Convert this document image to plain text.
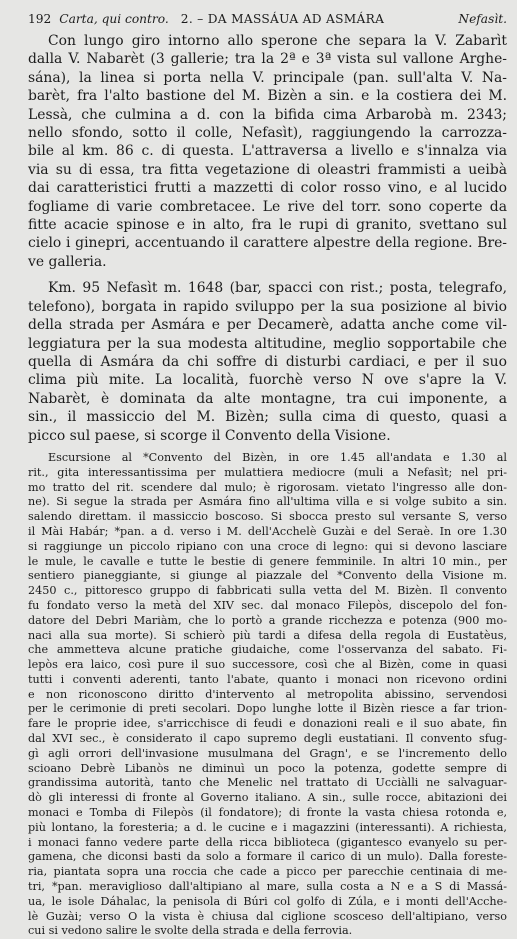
192 Carta, qui contro. 2. – DA MASSÁUA AD ASMÁRA	Nefasìt.
Con lungo giro intorno allo sperone che separa la V. Zabarìt
dalla V. Nabarèt (3 gallerie; tra la 2ª e 3ª vista sul vallone Arghe-
sána), la linea si porta nella V. principale (pan. sull'alta V. Na-
barèt, fra l'alto bastione del M. Bizèn a sin. e la costiera dei M.
Lessà, che culmina a d. con la bifida cima Arbarobà m. 2343;
nello sfondo, sotto il colle, Nefasìt), raggiungendo la carrozza-
bile al km. 86 c. di questa. L'attraversa a livello e s'innalza via
via su di essa, tra fitta vegetazione di oleastri frammisti a ueibà
dai caratteristici frutti a mazzetti di color rosso vino, e al lucido
fogliame di varie combretacee. Le rive del torr. sono coperte da
fitte acacie spinose e in alto, fra le rupi di granito, svettano sul
cielo i ginepri, accentuando il carattere alpestre della regione. Bre-
ve galleria.
Km. 95 Nefasìt m. 1648 (bar, spacci con rist.; posta, telegrafo,
telefono), borgata in rapido sviluppo per la sua posizione al bivio
della strada per Asmára e per Decamerè, adatta anche come vil-
leggiatura per la sua modesta altitudine, meglio sopportabile che
quella di Asmára da chi soffre di disturbi cardiaci, e per il suo
clima più mite. La località, fuorchè verso N ove s'apre la V.
Nabarèt, è dominata da alte montagne, tra cui imponente, a
sin., il massiccio del M. Bizèn; sulla cima di questo, quasi a
picco sul paese, si scorge il Convento della Visione.
Escursione al *Convento del Bizèn, in ore 1.45 all'andata e 1.30 al
rit., gita interessantissima per mulattiera mediocre (muli a Nefasìt; nel pri-
mo tratto del rit. scendere dal mulo; è rigorosam. vietato l'ingresso alle don-
ne). Si segue la strada per Asmára fino all'ultima villa e si volge subito a sin.
salendo direttam. il massiccio boscoso. Si sbocca presto sul versante S, verso
il Mài Habár; *pan. a d. verso i M. dell'Acchelè Guzài e del Seraè. In ore 1.30
si raggiunge un piccolo ripiano con una croce di legno: qui si devono lasciare
le mule, le cavalle e tutte le bestie di genere femminile. In altri 10 min., per
sentiero pianeggiante, si giunge al piazzale del *Convento della Visione m.
2450 c., pittoresco gruppo di fabbricati sulla vetta del M. Bizèn. Il convento
fu fondato verso la metà del XIV sec. dal monaco Filepòs, discepolo del fon-
datore del Debri Mariàm, che lo portò a grande ricchezza e potenza (900 mo-
naci alla sua morte). Si schierò più tardi a difesa della regola di Eustatèus,
che ammetteva alcune pratiche giudaiche, come l'osservanza del sabato. Fi-
lepòs era laico, così pure il suo successore, così che al Bizèn, come in quasi
tutti i conventi aderenti, tanto l'abate, quanto i monaci non ricevono ordini
e non riconoscono diritto d'intervento al metropolita abissino, servendosi
per le cerimonie di preti secolari. Dopo lunghe lotte il Bizèn riesce a far trion-
fare le proprie idee, s'arricchisce di feudi e donazioni reali e il suo abate, fin
dal XVI sec., è considerato il capo supremo degli eustatiani. Il convento sfug-
gì agli orrori dell'invasione musulmana del Gragn', e se l'incremento dello
scioano Debrè Libanòs ne diminuì un poco la potenza, godette sempre di
grandissima autorità, tanto che Menelic nel trattato di Ucciàlli ne salvaguar-
dò gli interessi di fronte al Governo italiano. A sin., sulle rocce, abitazioni dei
monaci e Tomba di Filepòs (il fondatore); di fronte la vasta chiesa rotonda e,
più lontano, la foresteria; a d. le cucine e i magazzini (interessanti). A richiesta,
i monaci fanno vedere parte della ricca biblioteca (gigantesco evanyelo su per-
gamena, che diconsi basti da solo a formare il carico di un mulo). Dalla foreste-
ria, piantata sopra una roccia che cade a picco per parecchie centinaia di me-
tri, *pan. meraviglioso dall'altipiano al mare, sulla costa a N e a S di Massá-
ua, le isole Dáhalac, la penisola di Búri col golfo di Zúla, e i monti dell'Acche-
lè Guzài; verso O la vista è chiusa dal ciglione scosceso dell'altipiano, verso
cui si vedono salire le svolte della strada e della ferrovia.
